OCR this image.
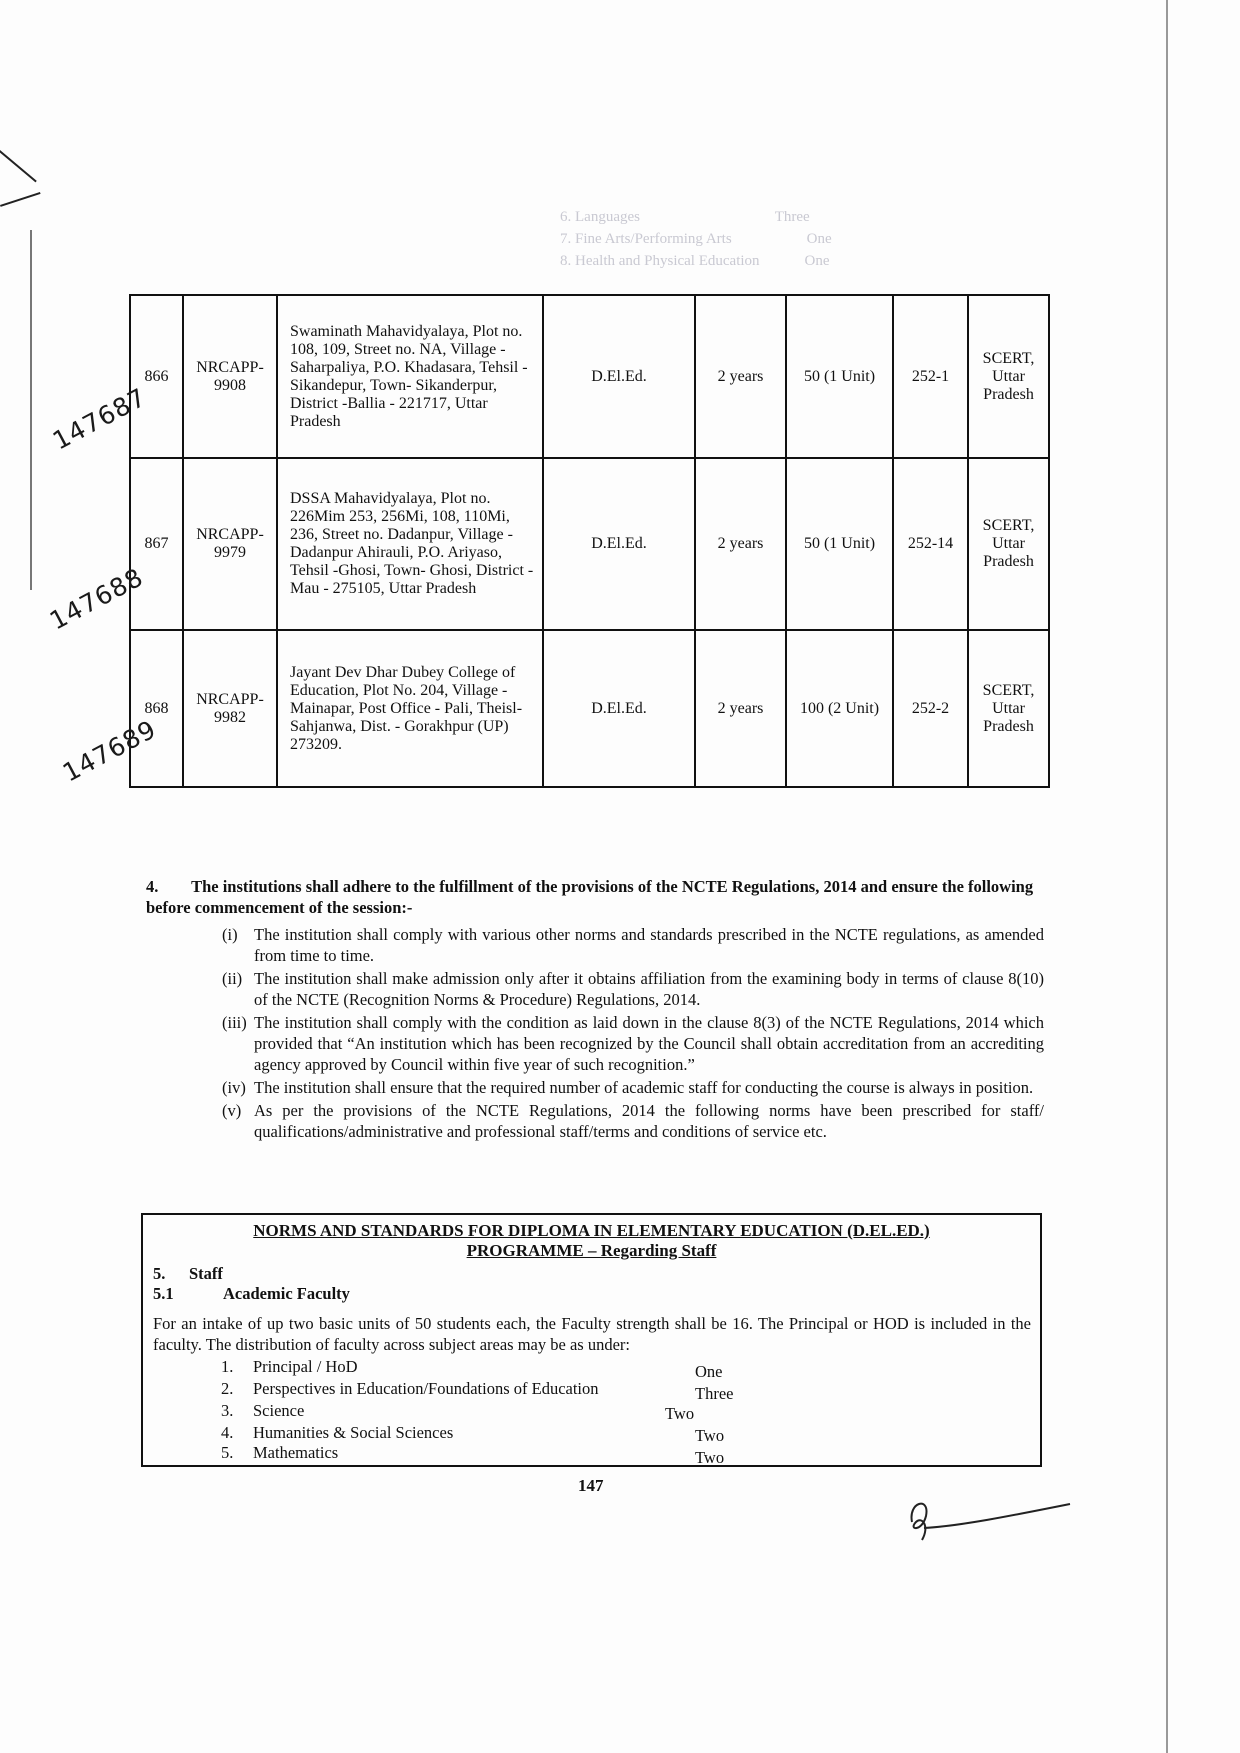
6. Languages                                    Three
7. Fine Arts/Performing Arts                    One
8. Health and Physical Education            One
866	NRCAPP-9908	Swaminath Mahavidyalaya, Plot no. 108, 109, Street no. NA, Village - Saharpaliya, P.O. Khadasara, Tehsil - Sikandepur, Town- Sikanderpur, District -Ballia - 221717, Uttar Pradesh	D.El.Ed.	2 years	50 (1 Unit)	252-1	SCERT, Uttar Pradesh
867	NRCAPP-9979	DSSA Mahavidyalaya, Plot no. 226Mim 253, 256Mi, 108, 110Mi, 236, Street no. Dadanpur, Village - Dadanpur Ahirauli, P.O. Ariyaso, Tehsil -Ghosi, Town- Ghosi, District -Mau - 275105, Uttar Pradesh	D.El.Ed.	2 years	50 (1 Unit)	252-14	SCERT, Uttar Pradesh
868	NRCAPP-9982	Jayant Dev Dhar Dubey College of Education, Plot No. 204, Village - Mainapar, Post Office - Pali, Theisl-Sahjanwa, Dist. - Gorakhpur (UP) 273209.	D.El.Ed.	2 years	100 (2 Unit)	252-2	SCERT, Uttar Pradesh
147687
147688
147689
4. The institutions shall adhere to the fulfillment of the provisions of the NCTE Regulations, 2014 and ensure the following before commencement of the session:-
(i) The institution shall comply with various other norms and standards prescribed in the NCTE regulations, as amended from time to time.
(ii) The institution shall make admission only after it obtains affiliation from the examining body in terms of clause 8(10) of the NCTE (Recognition Norms & Procedure) Regulations, 2014.
(iii) The institution shall comply with the condition as laid down in the clause 8(3) of the NCTE Regulations, 2014 which provided that “An institution which has been recognized by the Council shall obtain accreditation from an accrediting agency approved by Council within five year of such recognition.”
(iv) The institution shall ensure that the required number of academic staff for conducting the course is always in position.
(v) As per the provisions of the NCTE Regulations, 2014 the following norms have been prescribed for staff/ qualifications/administrative and professional staff/terms and conditions of service etc.
NORMS AND STANDARDS FOR DIPLOMA IN ELEMENTARY EDUCATION (D.EL.ED.)
PROGRAMME – Regarding Staff
5. Staff
5.1	Academic Faculty

For an intake of up two basic units of 50 students each, the Faculty strength shall be 16. The Principal or HOD is included in the faculty. The distribution of faculty across subject areas may be as under:

1. Principal / HoD	One
2. Perspectives in Education/Foundations of Education	Three
3. Science	Two
4. Humanities & Social Sciences	Two
5. Mathematics	Two
147
